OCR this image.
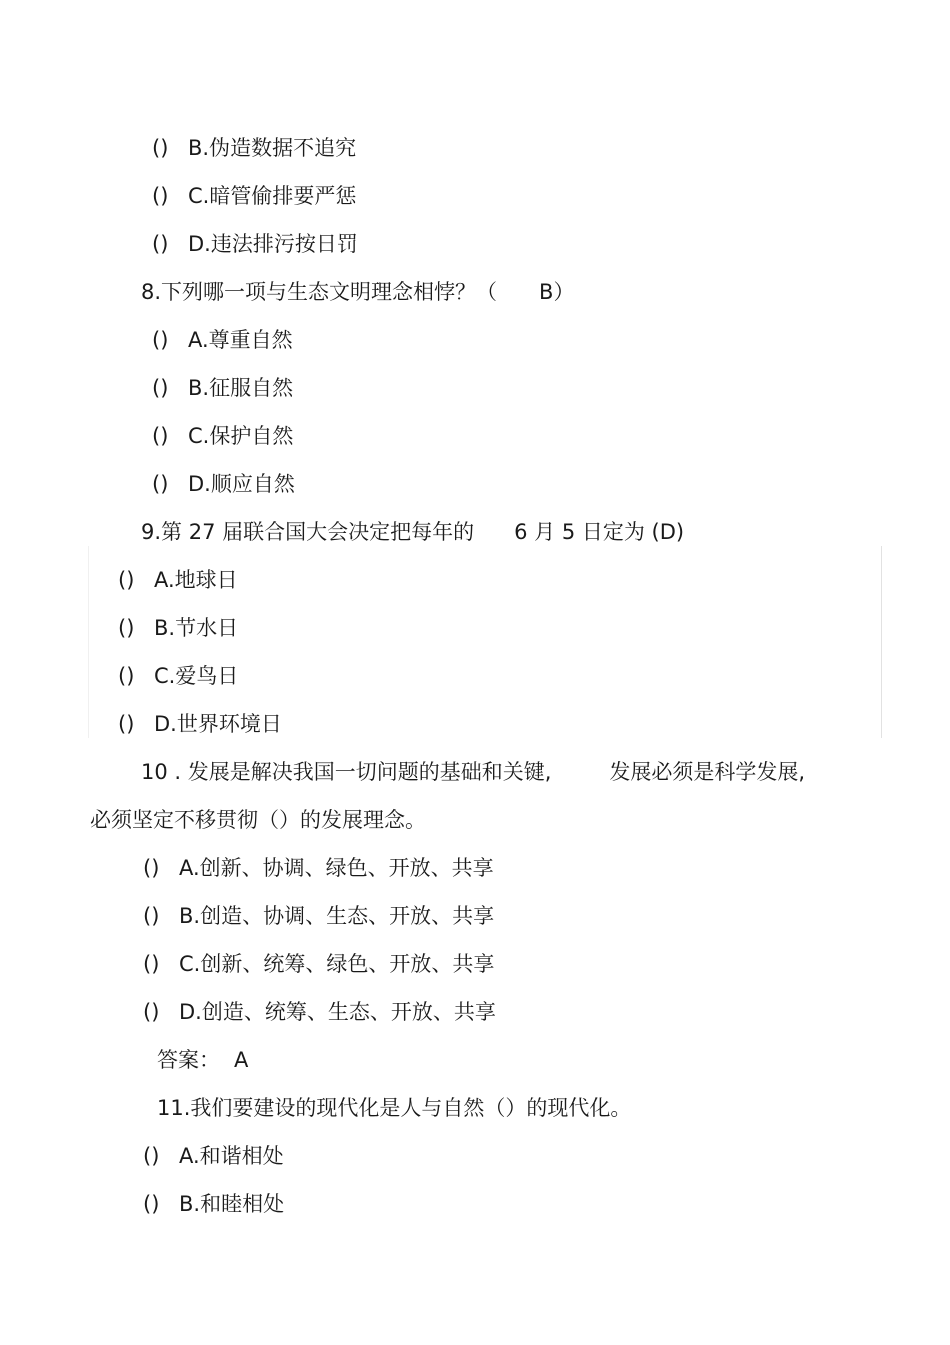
() B.伪造数据不追究
() C.暗管偷排要严惩
() D.违法排污按日罚
8.下列哪一项与生态文明理念相悖？（ B）
() A.尊重自然
() B.征服自然
() C.保护自然
() D.顺应自然
9.第 27 届联合国大会决定把每年的 6 月 5 日定为 (D)
() A.地球日
() B.节水日
() C.爱鸟日
() D.世界环境日
10 . 发展是解决我国一切问题的基础和关键,	发展必须是科学发展,
必须坚定不移贯彻（）的发展理念。
() A.创新、协调、绿色、开放、共享
() B.创造、协调、生态、开放、共享
() C.创新、统筹、绿色、开放、共享
() D.创造、统筹、生态、开放、共享
答案： A
11.我们要建设的现代化是人与自然（）的现代化。
() A.和谐相处
() B.和睦相处
